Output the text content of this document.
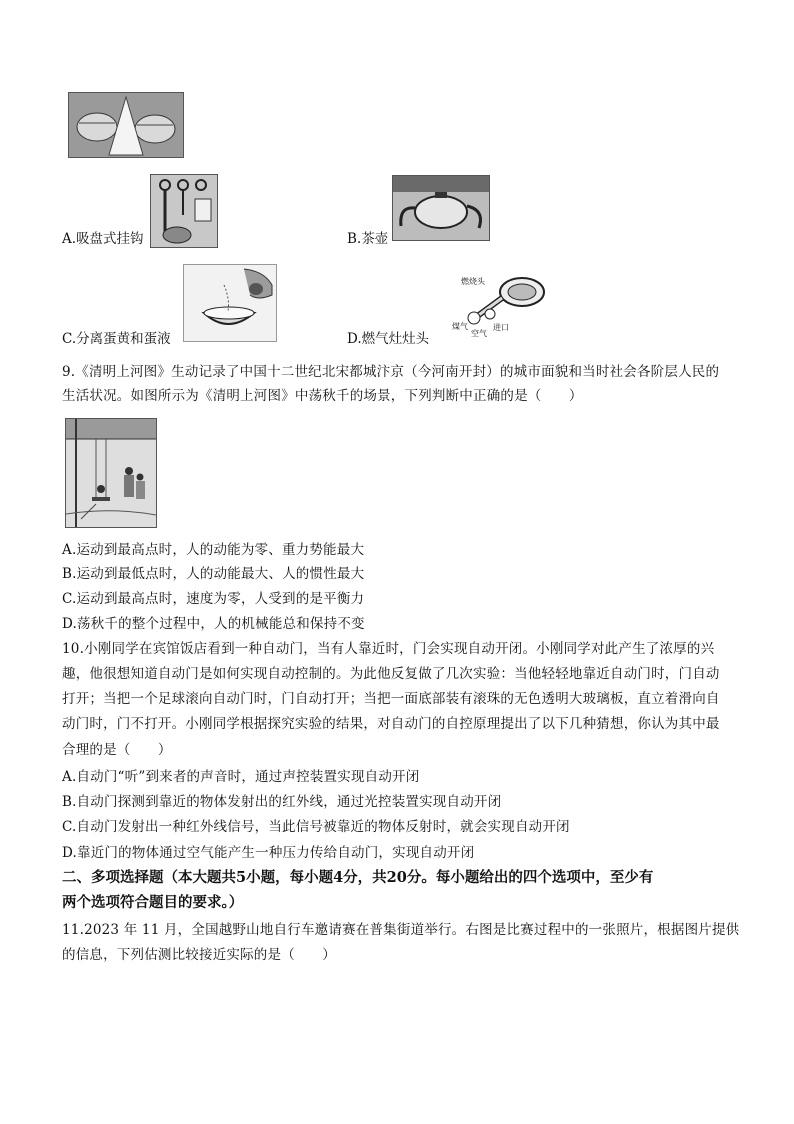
A.吸盘式挂钩	B.茶壶
C.分离蛋黄和蛋液
燃烧头
煤气
空气
进口
D.燃气灶灶头
9.《清明上河图》生动记录了中国十二世纪北宋都城汴京（今河南开封）的城市面貌和当时社会各阶层人民的
生活状况。如图所示为《清明上河图》中荡秋千的场景，下列判断中正确的是（　　）
A.运动到最高点时，人的动能为零、重力势能最大
B.运动到最低点时，人的动能最大、人的惯性最大
C.运动到最高点时，速度为零，人受到的是平衡力
D.荡秋千的整个过程中，人的机械能总和保持不变
10.小刚同学在宾馆饭店看到一种自动门，当有人靠近时，门会实现自动开闭。小刚同学对此产生了浓厚的兴
趣，他很想知道自动门是如何实现自动控制的。为此他反复做了几次实验：当他轻轻地靠近自动门时，门自动
打开；当把一个足球滚向自动门时，门自动打开；当把一面底部装有滚珠的无色透明大玻璃板，直立着滑向自
动门时，门不打开。小刚同学根据探究实验的结果，对自动门的自控原理提出了以下几种猜想，你认为其中最
合理的是（　　）
A.自动门“听”到来者的声音时，通过声控装置实现自动开闭
B.自动门探测到靠近的物体发射出的红外线，通过光控装置实现自动开闭
C.自动门发射出一种红外线信号，当此信号被靠近的物体反射时，就会实现自动开闭
D.靠近门的物体通过空气能产生一种压力传给自动门，实现自动开闭
二、多项选择题（本大题共5小题，每小题4分，共20分。每小题给出的四个选项中，至少有
两个选项符合题目的要求。）
11.2023 年 11 月，全国越野山地自行车邀请赛在普集街道举行。右图是比赛过程中的一张照片，根据图片提供
的信息，下列估测比较接近实际的是（　　）
